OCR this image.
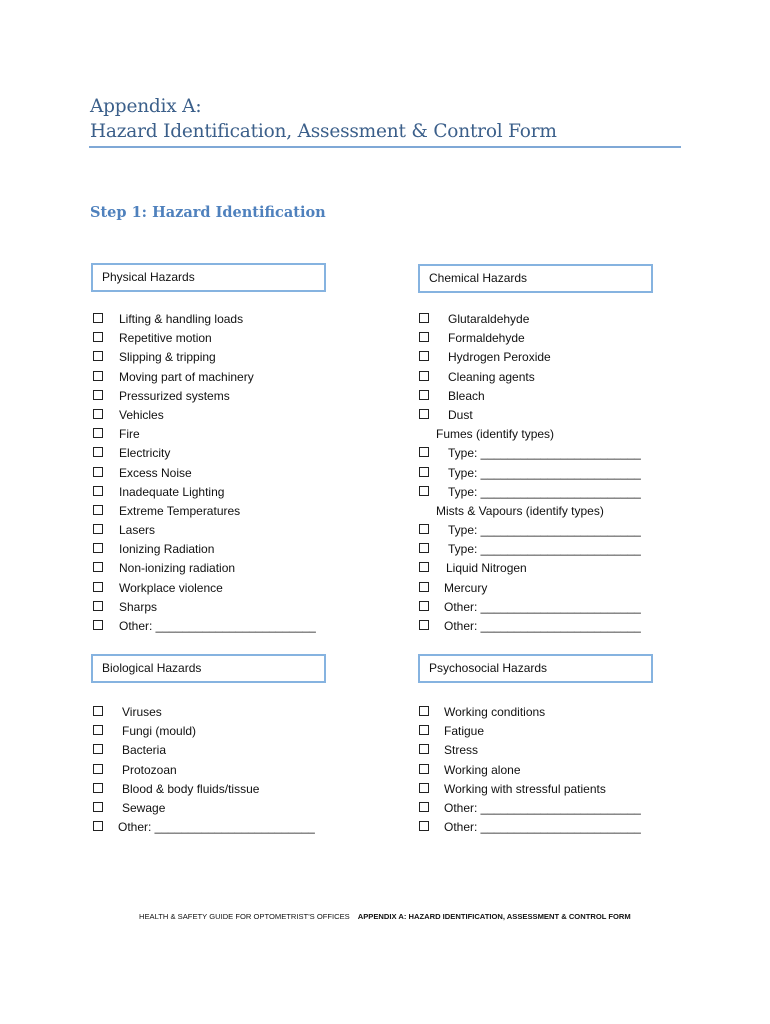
Appendix A:
Hazard Identification, Assessment & Control Form
Step 1: Hazard Identification
Physical Hazards
Lifting & handling loads
Repetitive motion
Slipping & tripping
Moving part of machinery
Pressurized systems
Vehicles
Fire
Electricity
Excess Noise
Inadequate Lighting
Extreme Temperatures
Lasers
Ionizing Radiation
Non-ionizing radiation
Workplace violence
Sharps
Other: ________________________
Chemical Hazards
Glutaraldehyde
Formaldehyde
Hydrogen Peroxide
Cleaning agents
Bleach
Dust
Fumes (identify types)
Type: ________________________
Type: ________________________
Type: ________________________
Mists & Vapours (identify types)
Type: ________________________
Type: ________________________
Liquid Nitrogen
Mercury
Other: ________________________
Other: ________________________
Biological Hazards
Viruses
Fungi (mould)
Bacteria
Protozoan
Blood & body fluids/tissue
Sewage
Other: ________________________
Psychosocial Hazards
Working conditions
Fatigue
Stress
Working alone
Working with stressful patients
Other: ________________________
Other: ________________________
HEALTH & SAFETY GUIDE FOR OPTOMETRIST'S OFFICES APPENDIX A: HAZARD IDENTIFICATION, ASSESSMENT & CONTROL FORM
